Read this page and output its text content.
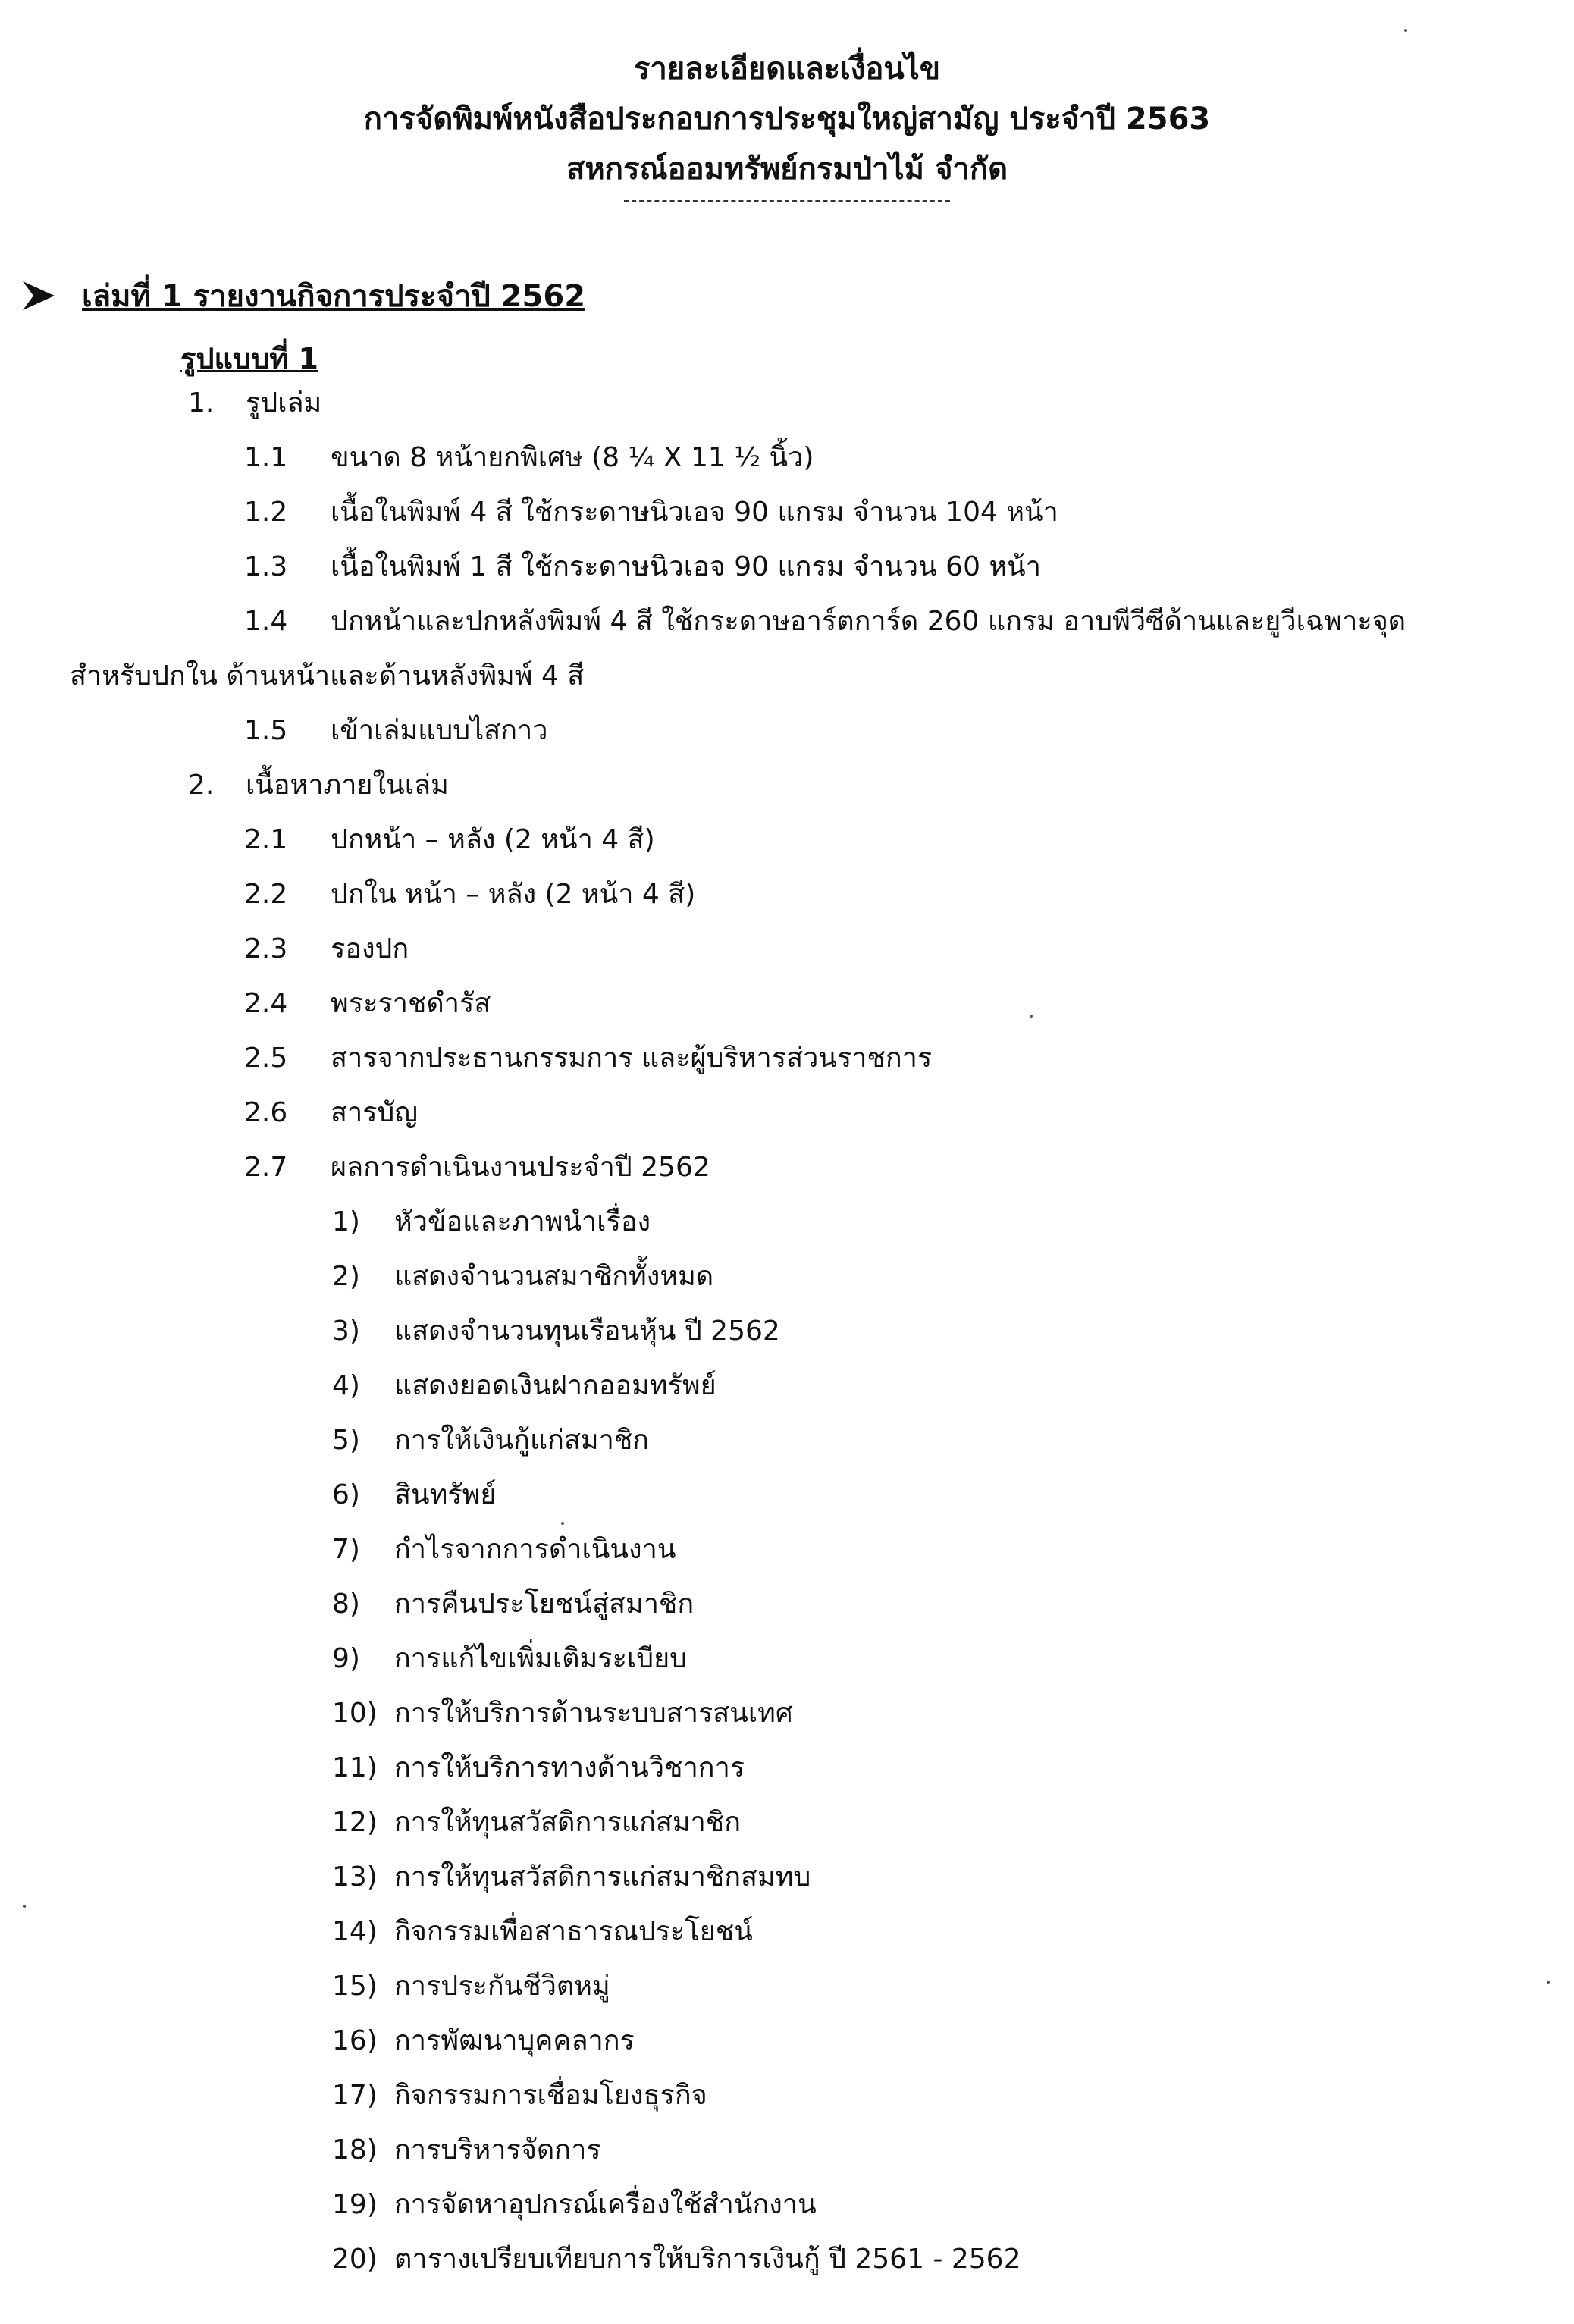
รายละเอียดและเงื่อนไข
การจัดพิมพ์หนังสือประกอบการประชุมใหญ่สามัญ ประจำปี 2563
สหกรณ์ออมทรัพย์กรมป่าไม้ จำกัด
เล่มที่ 1 รายงานกิจการประจำปี 2562
รูปแบบที่ 1
1. รูปเล่ม
1.1 ขนาด 8 หน้ายกพิเศษ (8 ¼ X 11 ½ นิ้ว)
1.2 เนื้อในพิมพ์ 4 สี ใช้กระดาษนิวเอจ 90 แกรม จำนวน 104 หน้า
1.3 เนื้อในพิมพ์ 1 สี ใช้กระดาษนิวเอจ 90 แกรม จำนวน 60 หน้า
1.4 ปกหน้าและปกหลังพิมพ์ 4 สี ใช้กระดาษอาร์ตการ์ด 260 แกรม อาบพีวีซีด้านและยูวีเฉพาะจุด
สำหรับปกใน ด้านหน้าและด้านหลังพิมพ์ 4 สี
1.5 เข้าเล่มแบบไสกาว
2. เนื้อหาภายในเล่ม
2.1 ปกหน้า – หลัง (2 หน้า 4 สี)
2.2 ปกใน หน้า – หลัง (2 หน้า 4 สี)
2.3 รองปก
2.4 พระราชดำรัส
2.5 สารจากประธานกรรมการ และผู้บริหารส่วนราชการ
2.6 สารบัญ
2.7 ผลการดำเนินงานประจำปี 2562
1) หัวข้อและภาพนำเรื่อง
2) แสดงจำนวนสมาชิกทั้งหมด
3) แสดงจำนวนทุนเรือนหุ้น ปี 2562
4) แสดงยอดเงินฝากออมทรัพย์
5) การให้เงินกู้แก่สมาชิก
6) สินทรัพย์
7) กำไรจากการดำเนินงาน
8) การคืนประโยชน์สู่สมาชิก
9) การแก้ไขเพิ่มเติมระเบียบ
10) การให้บริการด้านระบบสารสนเทศ
11) การให้บริการทางด้านวิชาการ
12) การให้ทุนสวัสดิการแก่สมาชิก
13) การให้ทุนสวัสดิการแก่สมาชิกสมทบ
14) กิจกรรมเพื่อสาธารณประโยชน์
15) การประกันชีวิตหมู่
16) การพัฒนาบุคคลากร
17) กิจกรรมการเชื่อมโยงธุรกิจ
18) การบริหารจัดการ
19) การจัดหาอุปกรณ์เครื่องใช้สำนักงาน
20) ตารางเปรียบเทียบการให้บริการเงินกู้ ปี 2561 - 2562
